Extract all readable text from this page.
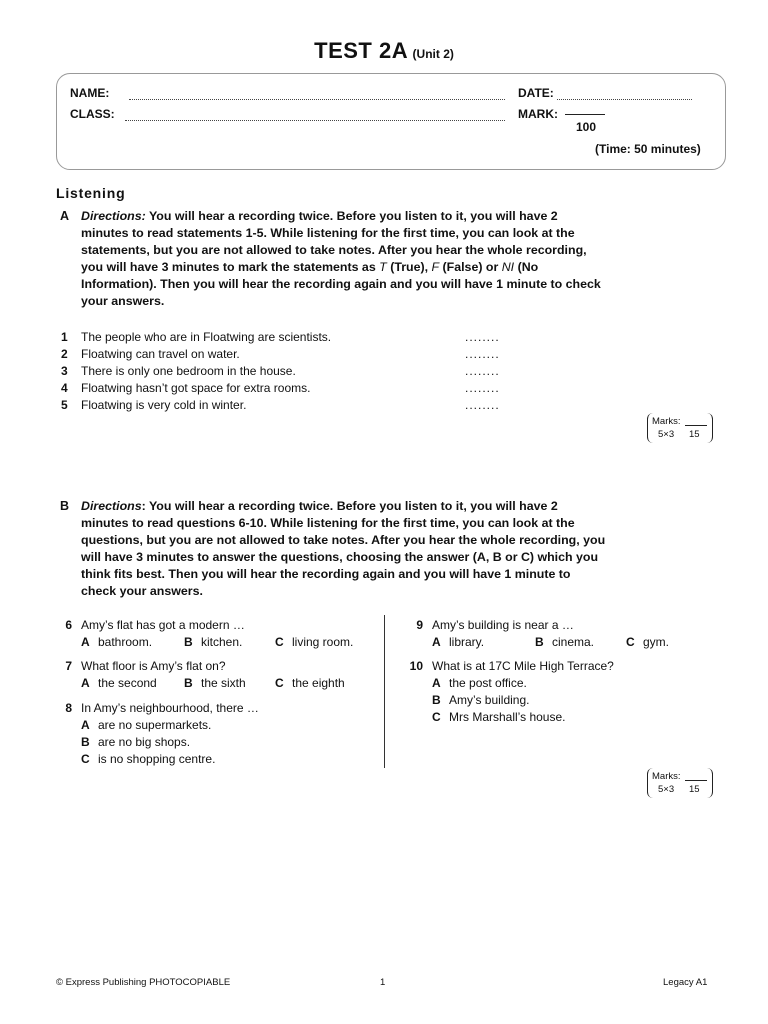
TEST 2A (Unit 2)
NAME:	DATE:
CLASS:	MARK:
100
(Time: 50 minutes)
Listening
A Directions: You will hear a recording twice. Before you listen to it, you will have 2
minutes to read statements 1-5. While listening for the first time, you can look at the
statements, but you are not allowed to take notes. After you hear the whole recording,
you will have 3 minutes to mark the statements as T (True), F (False) or NI (No
Information). Then you will hear the recording again and you will have 1 minute to check
your answers.
1 The people who are in Floatwing are scientists.	........
2 Floatwing can travel on water.	........
3 There is only one bedroom in the house.	........
4 Floatwing hasn’t got space for extra rooms.	........
5 Floatwing is very cold in winter.	........
Marks:
5×3 15
B Directions: You will hear a recording twice. Before you listen to it, you will have 2
minutes to read questions 6-10. While listening for the first time, you can look at the
questions, but you are not allowed to take notes. After you hear the whole recording, you
will have 3 minutes to answer the questions, choosing the answer (A, B or C) which you
think fits best. Then you will hear the recording again and you will have 1 minute to
check your answers.
6 Amy’s flat has got a modern …
A bathroom.	B kitchen.	C living room.
7 What floor is Amy’s flat on?
A the second B the sixth C the eighth
8 In Amy’s neighbourhood, there …
A are no supermarkets.
B are no big shops.
C is no shopping centre.
9 Amy’s building is near a …
A library.	B cinema.	C gym.
10 What is at 17C Mile High Terrace?
A the post office.
B Amy’s building.
C Mrs Marshall’s house.
Marks:
5×3 15
© Express Publishing PHOTOCOPIABLE	1	Legacy A1
